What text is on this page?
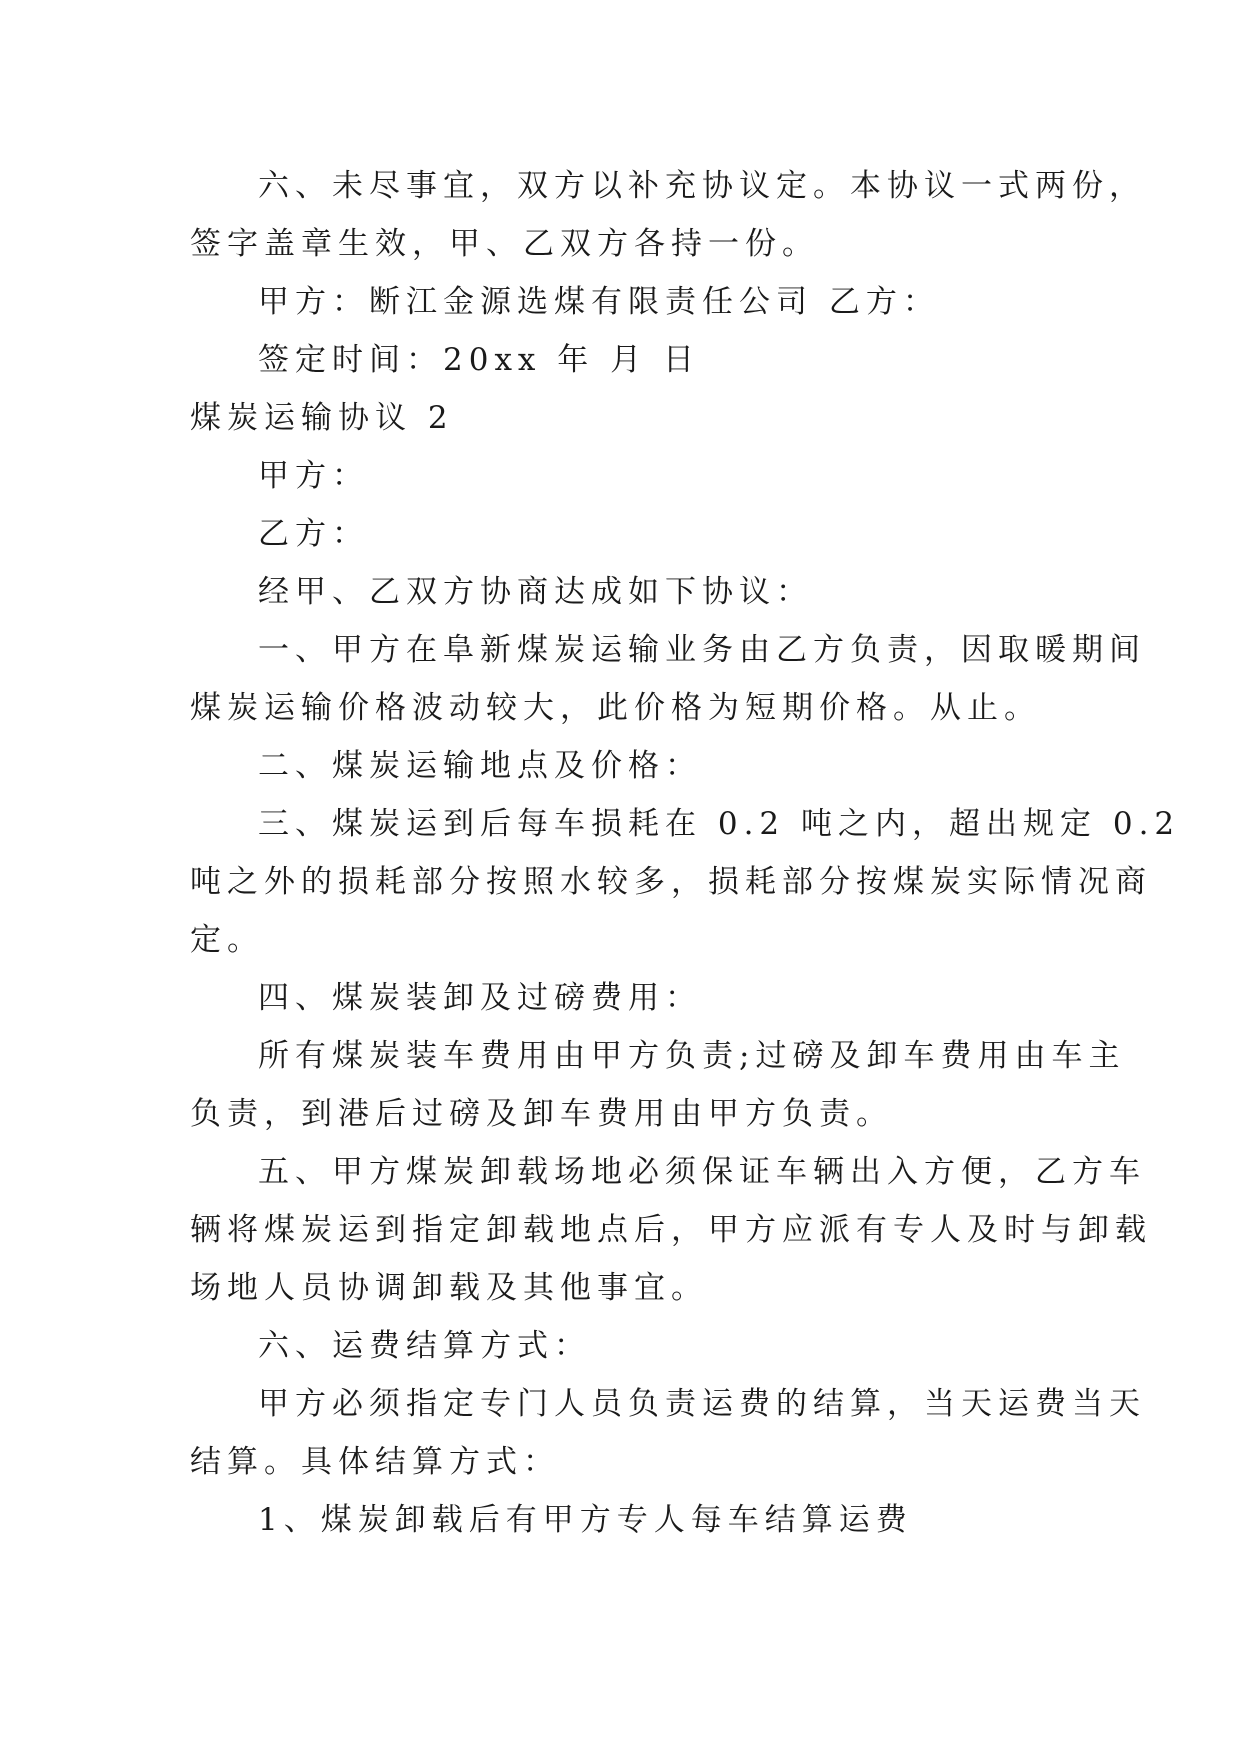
六、未尽事宜，双方以补充协议定。本协议一式两份，
签字盖章生效，甲、乙双方各持一份。
甲方：断江金源选煤有限责任公司 乙方：
签定时间：20xx 年 月 日
煤炭运输协议 2
甲方：
乙方：
经甲、乙双方协商达成如下协议：
一、甲方在阜新煤炭运输业务由乙方负责，因取暖期间
煤炭运输价格波动较大，此价格为短期价格。从止。
二、煤炭运输地点及价格：
三、煤炭运到后每车损耗在 0.2 吨之内，超出规定 0.2
吨之外的损耗部分按照水较多，损耗部分按煤炭实际情况商
定。
四、煤炭装卸及过磅费用：
所有煤炭装车费用由甲方负责;过磅及卸车费用由车主
负责，到港后过磅及卸车费用由甲方负责。
五、甲方煤炭卸载场地必须保证车辆出入方便，乙方车
辆将煤炭运到指定卸载地点后，甲方应派有专人及时与卸载
场地人员协调卸载及其他事宜。
六、运费结算方式：
甲方必须指定专门人员负责运费的结算，当天运费当天
结算。具体结算方式：
1、煤炭卸载后有甲方专人每车结算运费
